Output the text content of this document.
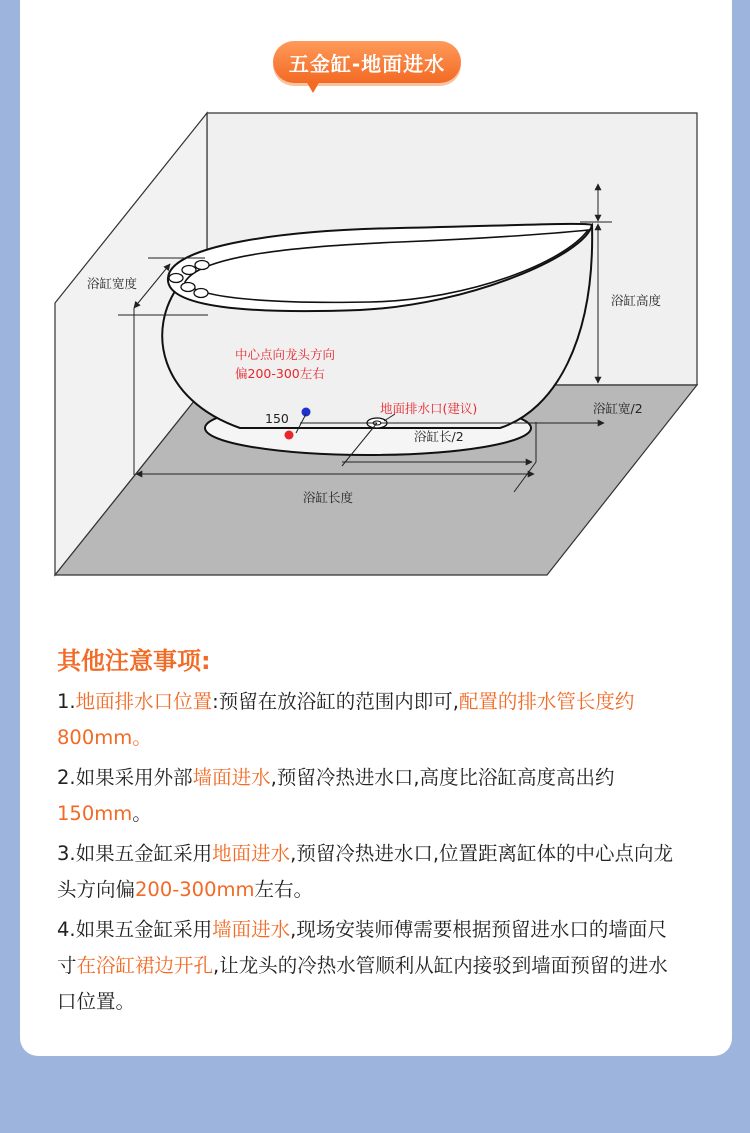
五金缸-地面进水
浴缸宽度
浴缸高度
中心点向龙头方向
偏200-300左右
150
地面排水口(建议)	浴缸宽/2
浴缸长/2
浴缸长度
其他注意事项:
1.地面排水口位置:预留在放浴缸的范围内即可,配置的排水管长度约800mm。
2.如果采用外部墙面进水,预留冷热进水口,高度比浴缸高度高出约150mm。
3.如果五金缸采用地面进水,预留冷热进水口,位置距离缸体的中心点向龙头方向偏200-300mm左右。
4.如果五金缸采用墙面进水,现场安装师傅需要根据预留进水口的墙面尺寸在浴缸裙边开孔,让龙头的冷热水管顺利从缸内接驳到墙面预留的进水口位置。
